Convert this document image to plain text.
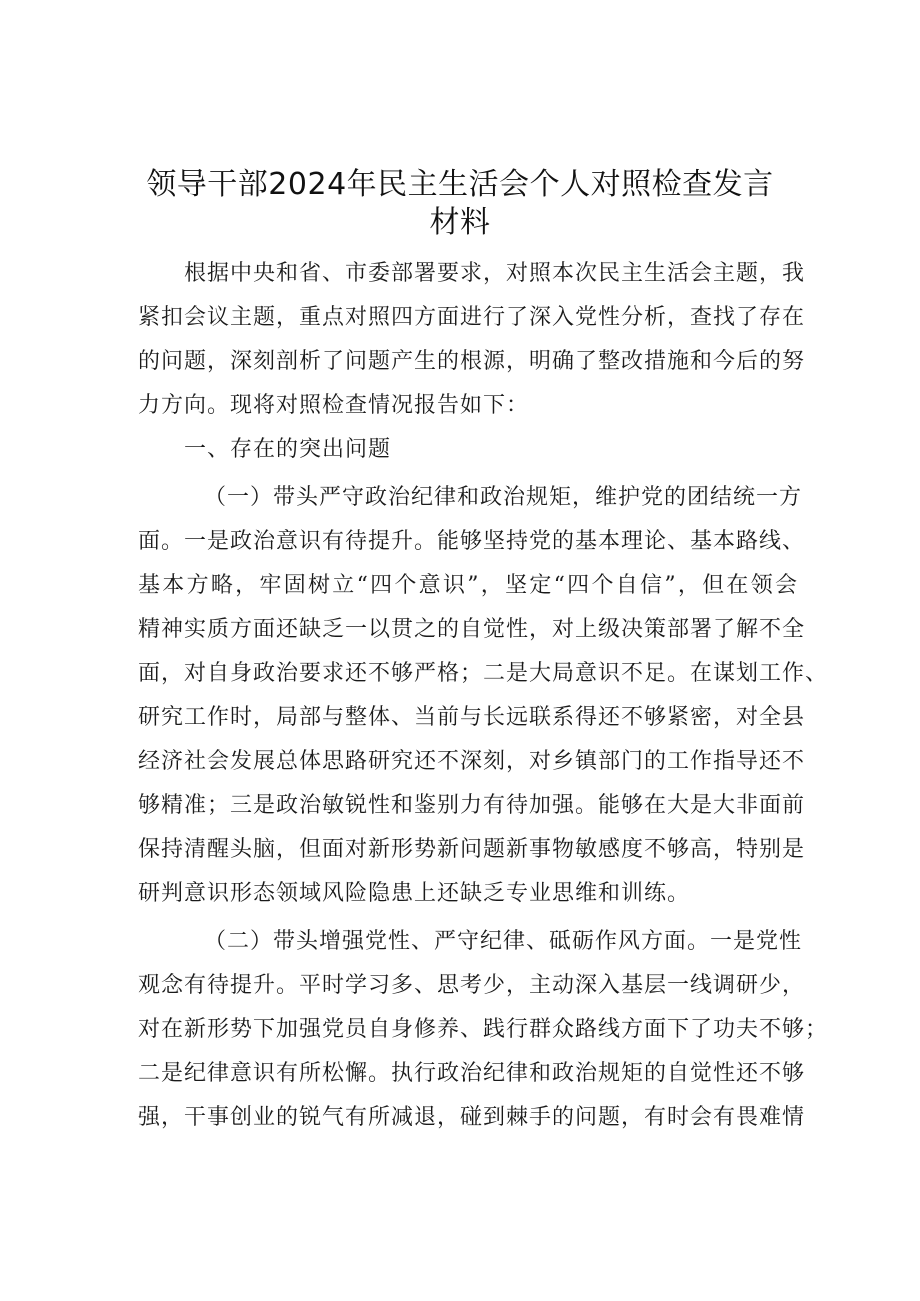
领导干部2024年民主生活会个人对照检查发言
材料
根据中央和省、市委部署要求，对照本次民主生活会主题，我
紧扣会议主题，重点对照四方面进行了深入党性分析，查找了存在
的问题，深刻剖析了问题产生的根源，明确了整改措施和今后的努
力方向。现将对照检查情况报告如下：
一、存在的突出问题
（一）带头严守政治纪律和政治规矩，维护党的团结统一方
面。一是政治意识有待提升。能够坚持党的基本理论、基本路线、
基本方略，牢固树立“四个意识”，坚定“四个自信”，但在领会
精神实质方面还缺乏一以贯之的自觉性，对上级决策部署了解不全
面，对自身政治要求还不够严格；二是大局意识不足。在谋划工作、
研究工作时，局部与整体、当前与长远联系得还不够紧密，对全县
经济社会发展总体思路研究还不深刻，对乡镇部门的工作指导还不
够精准；三是政治敏锐性和鉴别力有待加强。能够在大是大非面前
保持清醒头脑，但面对新形势新问题新事物敏感度不够高，特别是
研判意识形态领域风险隐患上还缺乏专业思维和训练。
（二）带头增强党性、严守纪律、砥砺作风方面。一是党性
观念有待提升。平时学习多、思考少，主动深入基层一线调研少，
对在新形势下加强党员自身修养、践行群众路线方面下了功夫不够；
二是纪律意识有所松懈。执行政治纪律和政治规矩的自觉性还不够
强，干事创业的锐气有所减退，碰到棘手的问题，有时会有畏难情
